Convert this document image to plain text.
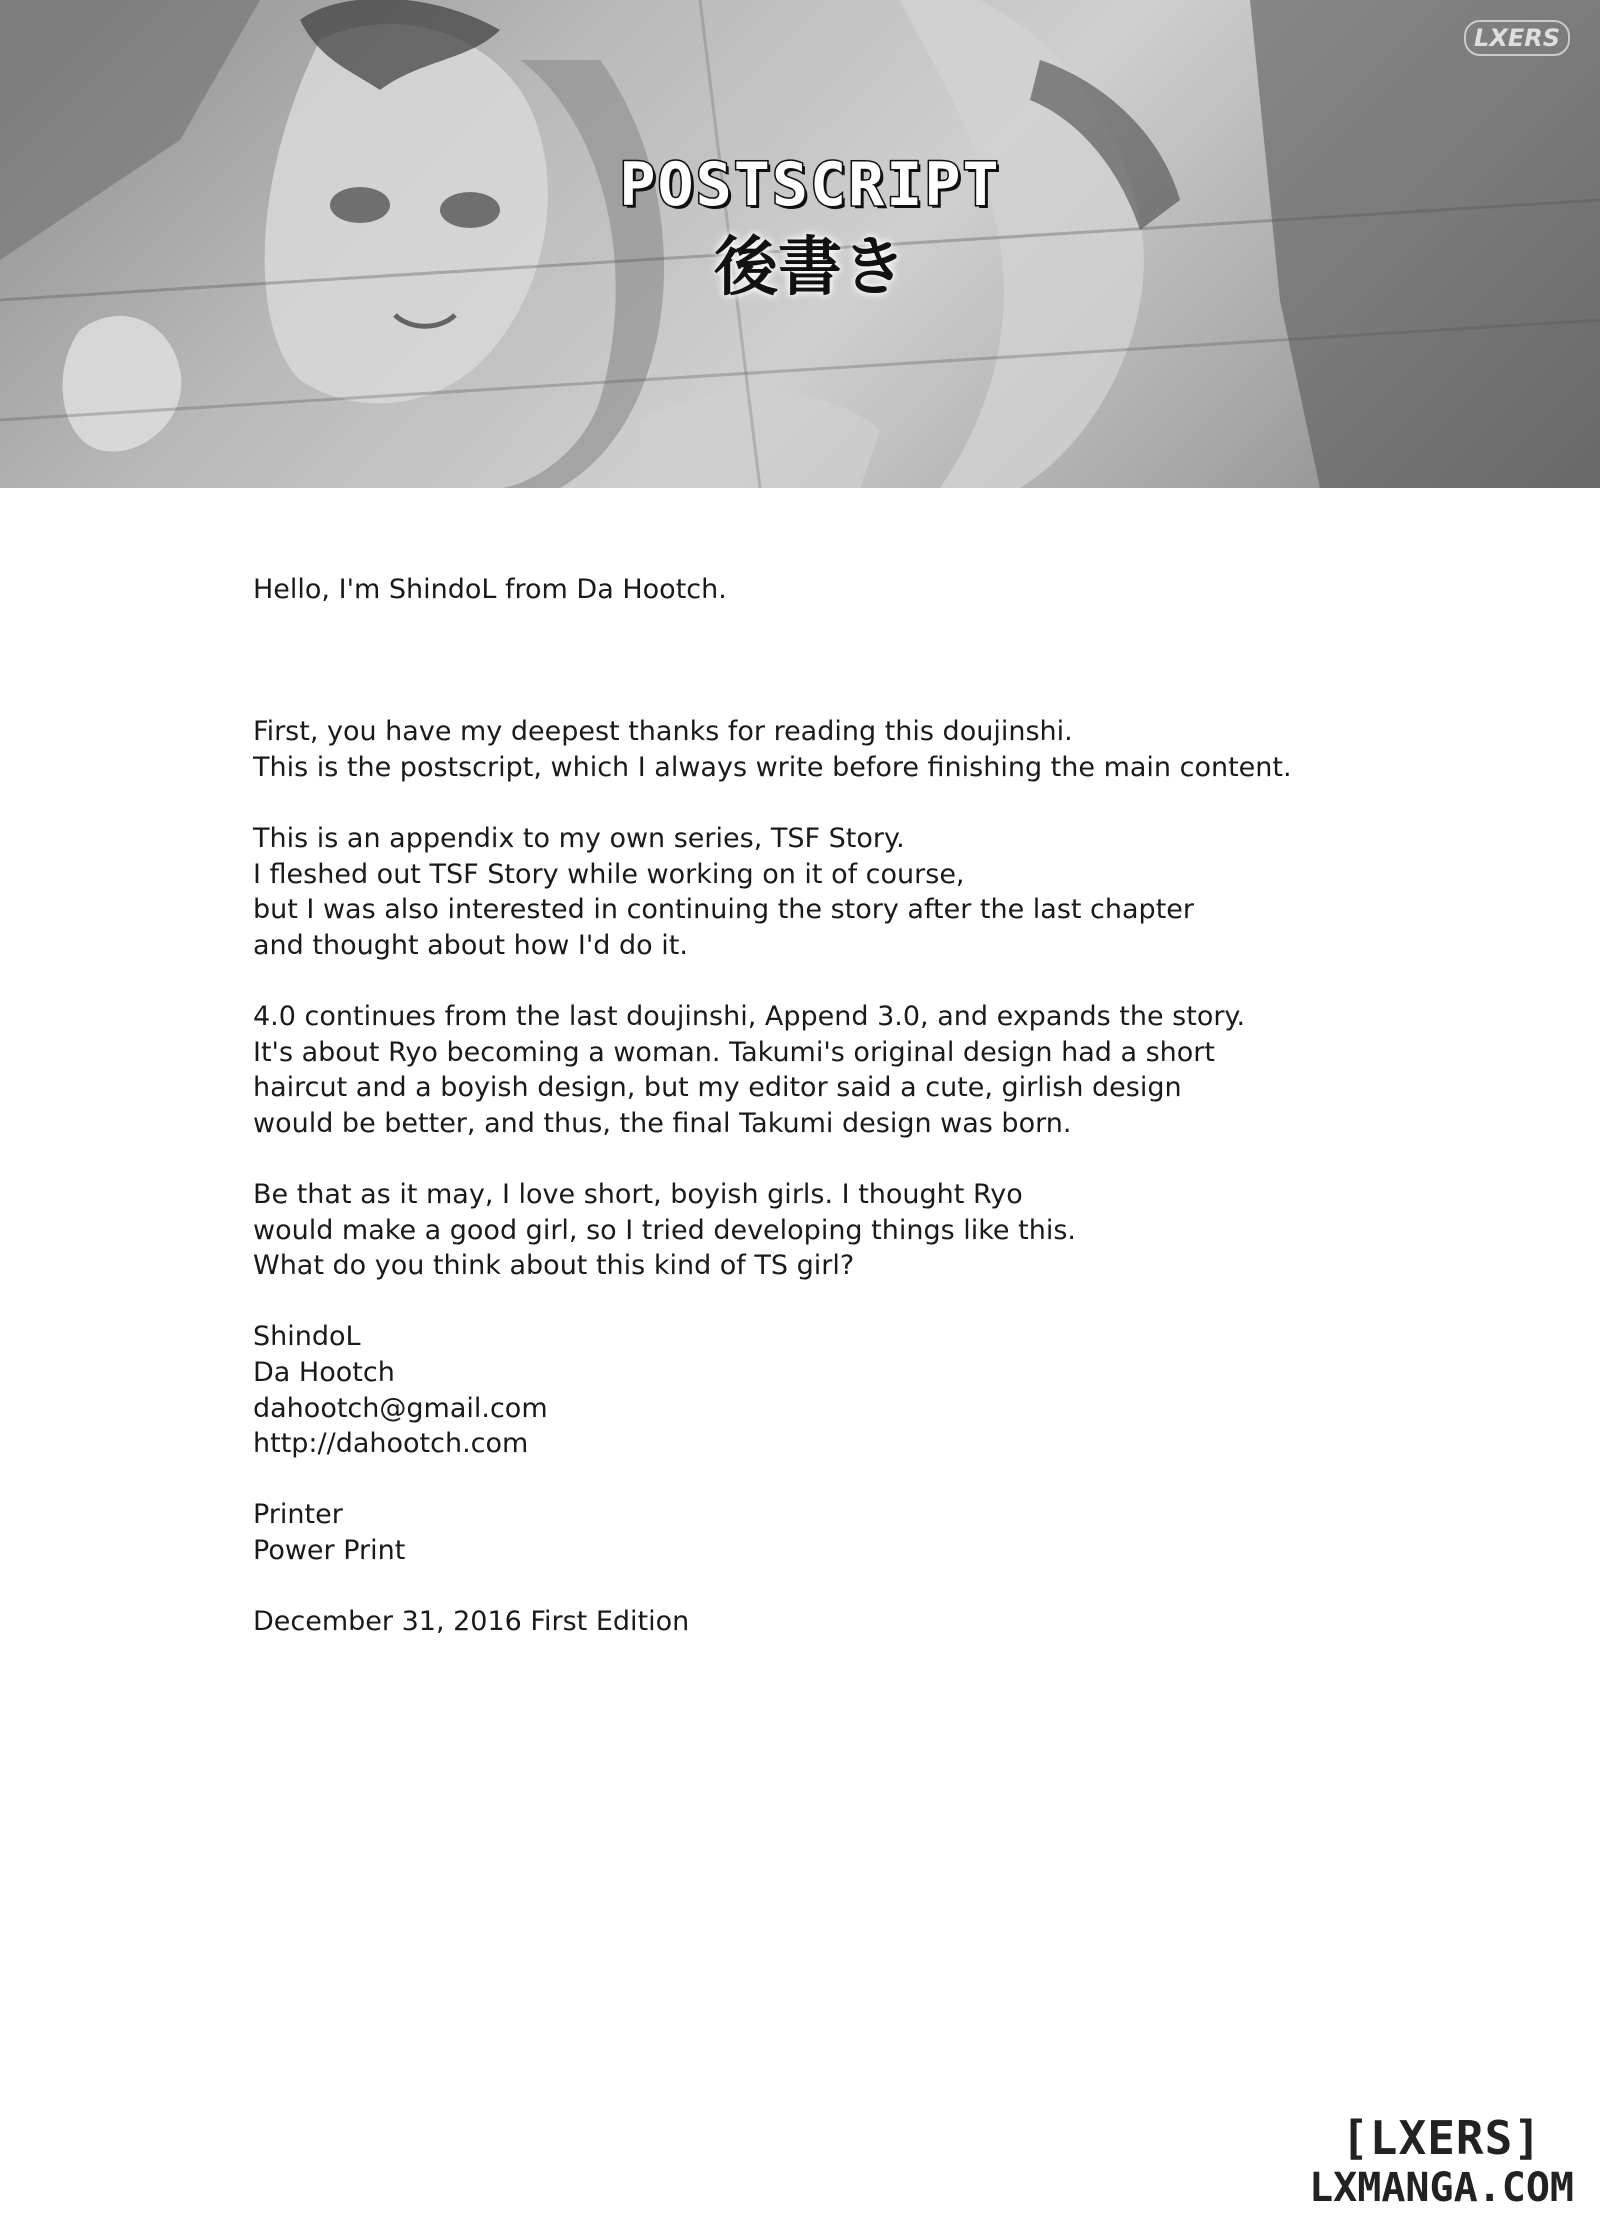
LXERS
POSTSCRIPT
後書き
Hello, I'm ShindoL from Da Hootch.

First, you have my deepest thanks for reading this doujinshi.
This is the postscript, which I always write before finishing the main content.
This is an appendix to my own series, TSF Story.
I fleshed out TSF Story while working on it of course,
but I was also interested in continuing the story after the last chapter
and thought about how I'd do it.
4.0 continues from the last doujinshi, Append 3.0, and expands the story.
It's about Ryo becoming a woman. Takumi's original design had a short
haircut and a boyish design, but my editor said a cute, girlish design
would be better, and thus, the final Takumi design was born.
Be that as it may, I love short, boyish girls. I thought Ryo
would make a good girl, so I tried developing things like this.
What do you think about this kind of TS girl?
ShindoL
Da Hootch
dahootch@gmail.com
http://dahootch.com
Printer
Power Print
December 31, 2016 First Edition
[LXERS]
LXMANGA.COM
